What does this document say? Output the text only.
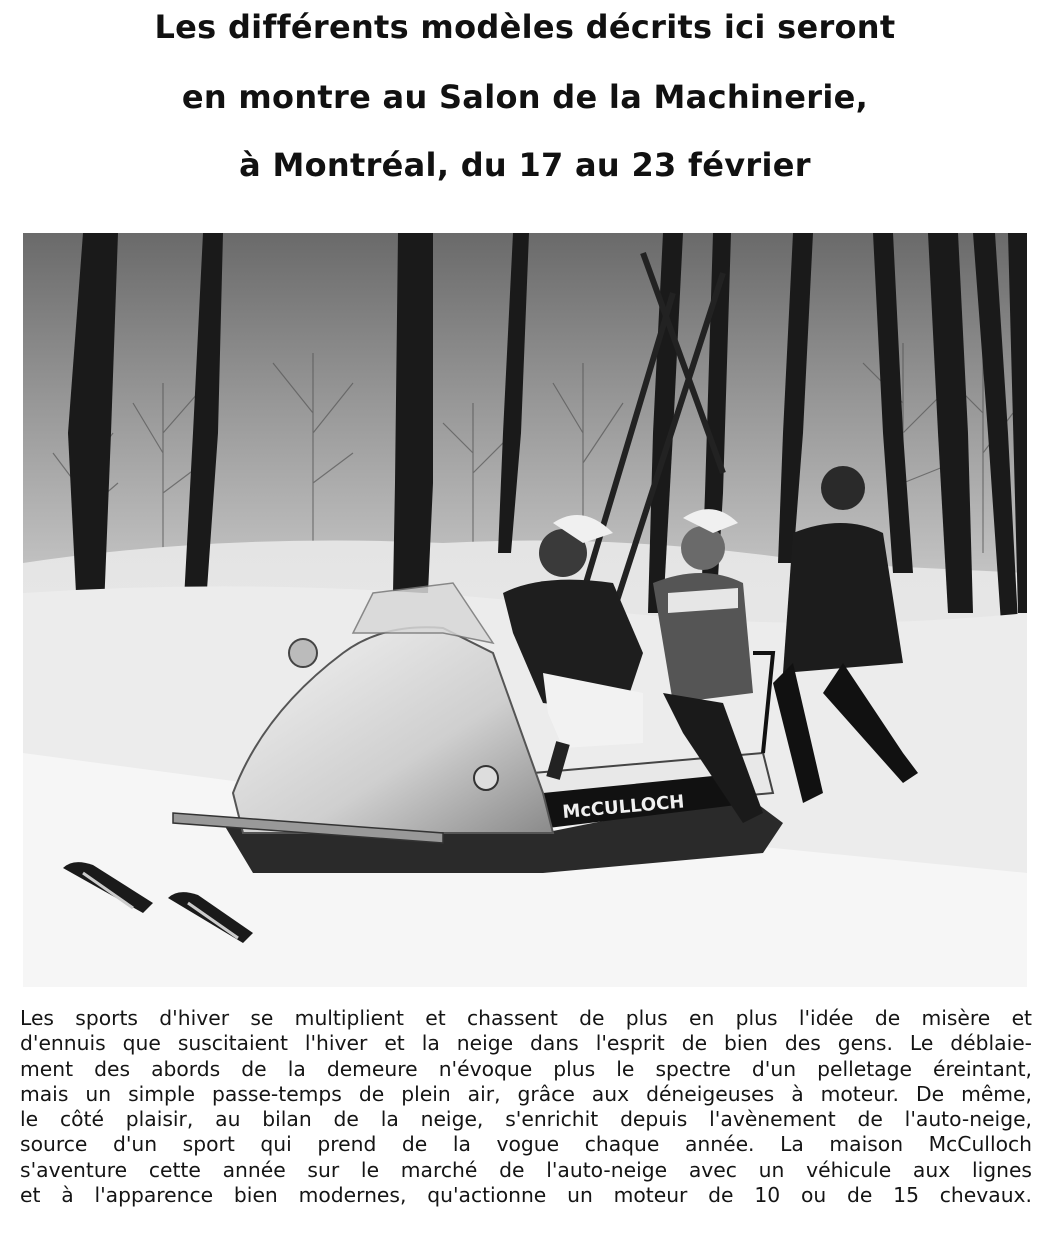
Les différents modèles décrits ici seront
en montre au Salon de la Machinerie,
à Montréal, du 17 au 23 février
McCULLOCH
Les sports d'hiver se multiplient et chassent de plus en plus l'idée de misère et
d'ennuis que suscitaient l'hiver et la neige dans l'esprit de bien des gens. Le déblaie-
ment des abords de la demeure n'évoque plus le spectre d'un pelletage éreintant,
mais un simple passe-temps de plein air, grâce aux déneigeuses à moteur. De même,
le côté plaisir, au bilan de la neige, s'enrichit depuis l'avènement de l'auto-neige,
source d'un sport qui prend de la vogue chaque année. La maison McCulloch
s'aventure cette année sur le marché de l'auto-neige avec un véhicule aux lignes
et à l'apparence bien modernes, qu'actionne un moteur de 10 ou de 15 chevaux.
